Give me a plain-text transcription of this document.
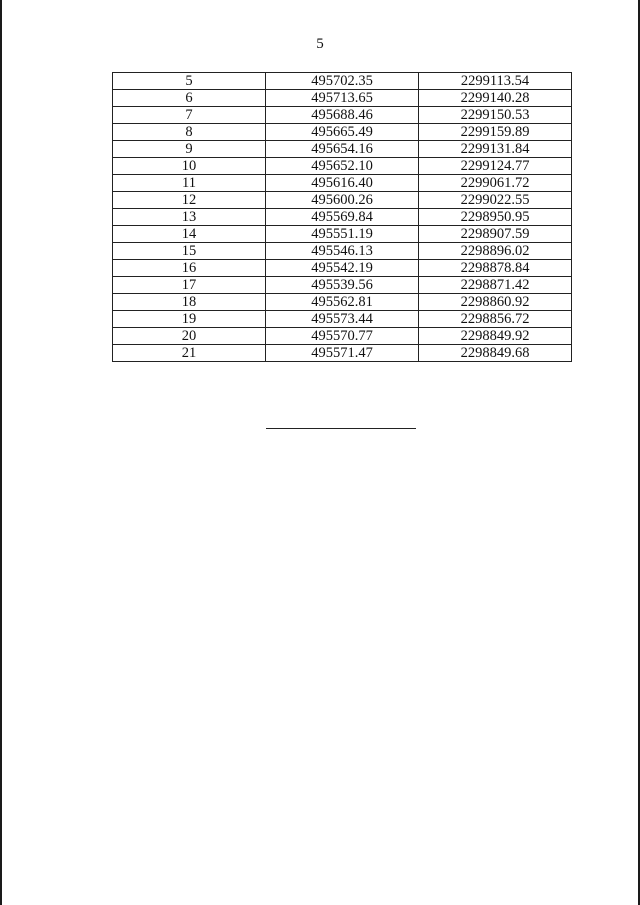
5
5	495702.35	2299113.54
6	495713.65	2299140.28
7	495688.46	2299150.53
8	495665.49	2299159.89
9	495654.16	2299131.84
10	495652.10	2299124.77
11	495616.40	2299061.72
12	495600.26	2299022.55
13	495569.84	2298950.95
14	495551.19	2298907.59
15	495546.13	2298896.02
16	495542.19	2298878.84
17	495539.56	2298871.42
18	495562.81	2298860.92
19	495573.44	2298856.72
20	495570.77	2298849.92
21	495571.47	2298849.68
